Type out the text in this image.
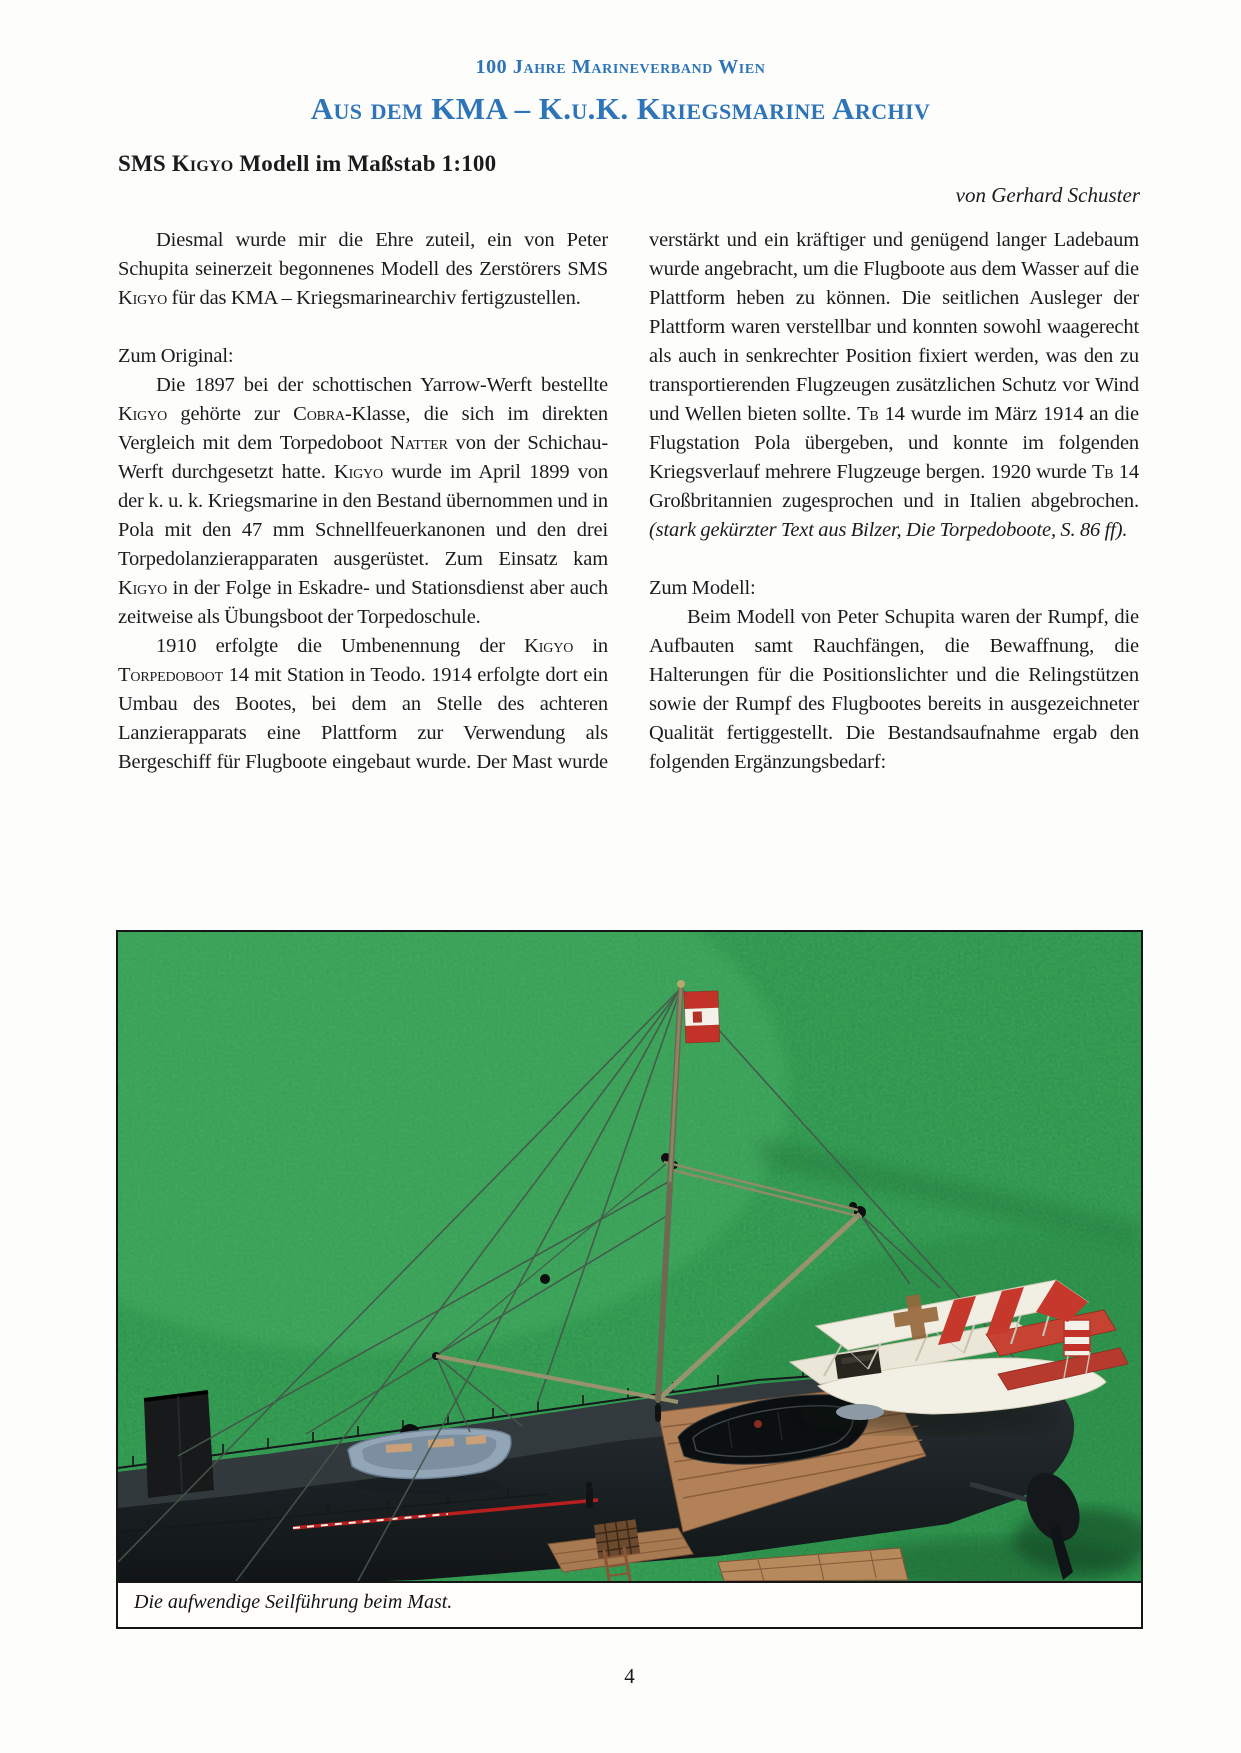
100 Jahre Marineverband Wien
Aus dem KMA – K.u.K. Kriegsmarine Archiv
SMS Kigyo Modell im Maßstab 1:100
von Gerhard Schuster

Diesmal wurde mir die Ehre zuteil, ein von Peter Schupita seinerzeit begonnenes Modell des Zerstörers SMS Kigyo für das KMA – Kriegsmarinearchiv fertigzustellen.

Zum Original:

Die 1897 bei der schottischen Yarrow-Werft bestellte Kigyo gehörte zur Cobra-Klasse, die sich im direkten Vergleich mit dem Torpedoboot Natter von der Schichau-Werft durchgesetzt hatte. Kigyo wurde im April 1899 von der k. u. k. Kriegsmarine in den Bestand übernommen und in Pola mit den 47 mm Schnellfeuerkanonen und den drei Torpedolanzierapparaten ausgerüstet. Zum Einsatz kam Kigyo in der Folge in Eskadre- und Stationsdienst aber auch zeitweise als Übungsboot der Torpedoschule.

1910 erfolgte die Umbenennung der Kigyo in Torpedoboot 14 mit Station in Teodo. 1914 erfolgte dort ein Umbau des Bootes, bei dem an Stelle des achteren Lanzierapparats eine Plattform zur Verwendung als Bergeschiff für Flugboote eingebaut wurde. Der Mast wurde

verstärkt und ein kräftiger und genügend langer Ladebaum wurde angebracht, um die Flugboote aus dem Wasser auf die Plattform heben zu können. Die seitlichen Ausleger der Plattform waren verstellbar und konnten sowohl waagerecht als auch in senkrechter Position fixiert werden, was den zu transportierenden Flugzeugen zusätzlichen Schutz vor Wind und Wellen bieten sollte. Tb 14 wurde im März 1914 an die Flugstation Pola übergeben, und konnte im folgenden Kriegsverlauf mehrere Flugzeuge bergen. 1920 wurde Tb 14 Großbritannien zugesprochen und in Italien abgebrochen. (stark gekürzter Text aus Bilzer, Die Torpedoboote, S. 86 ff).

Zum Modell:

Beim Modell von Peter Schupita waren der Rumpf, die Aufbauten samt Rauchfängen, die Bewaffnung, die Halterungen für die Positionslichter und die Relingstützen sowie der Rumpf des Flugbootes bereits in ausgezeichneter Qualität fertiggestellt. Die Bestandsaufnahme ergab den folgenden Ergänzungsbedarf:

Die aufwendige Seilführung beim Mast.
4
